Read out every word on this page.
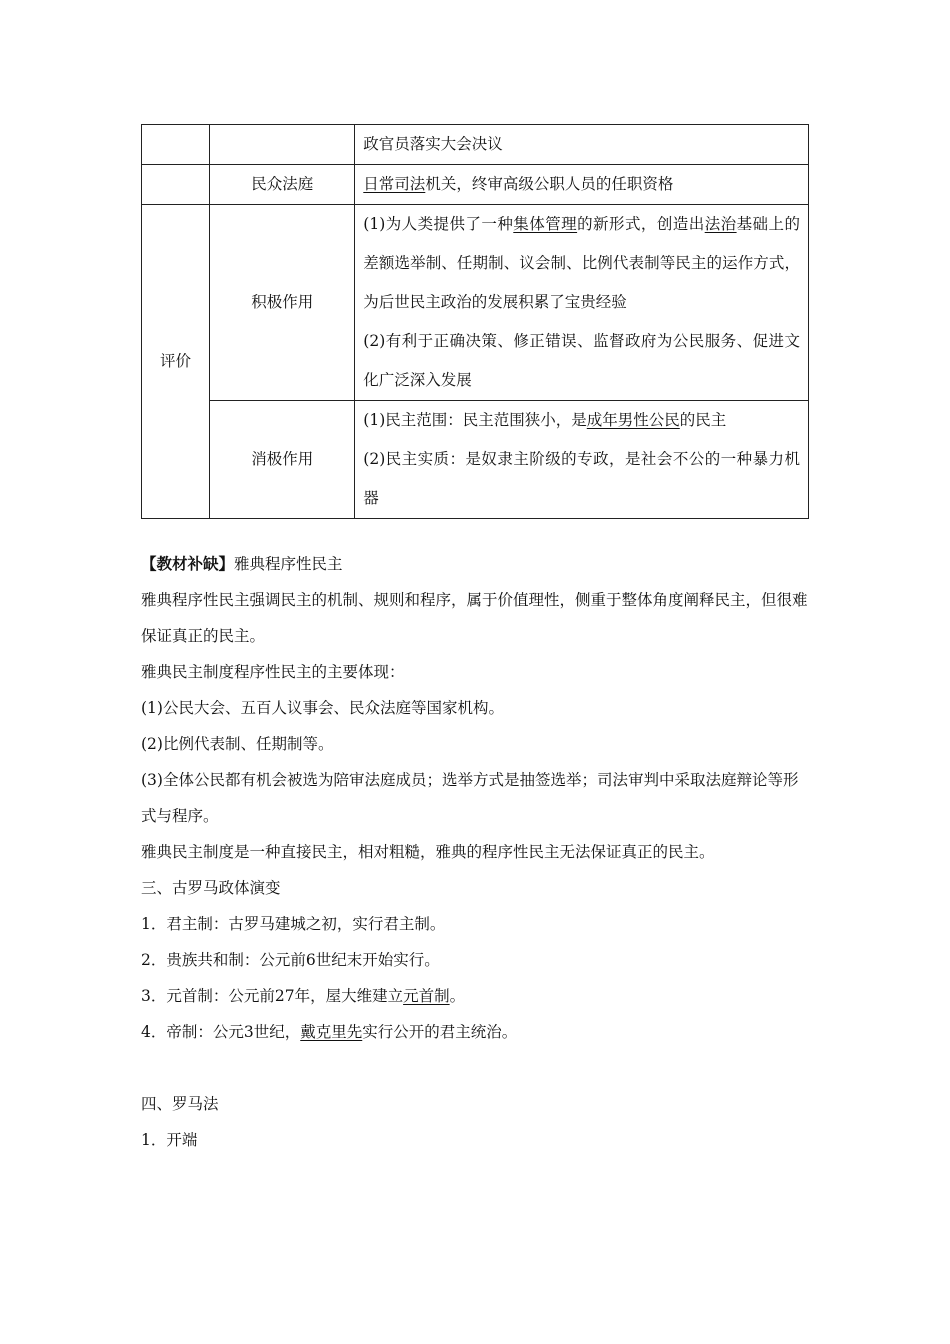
		政官员落实大会决议
	民众法庭	日常司法机关，终审高级公职人员的任职资格
评价	积极作用	(1)为人类提供了一种集体管理的新形式，创造出法治基础上的差额选举制、任期制、议会制、比例代表制等民主的运作方式，为后世民主政治的发展积累了宝贵经验

(2)有利于正确决策、修正错误、监督政府为公民服务、促进文化广泛深入发展

	消极作用	(1)民主范围：民主范围狭小，是成年男性公民的民主

(2)民主实质：是奴隶主阶级的专政，是社会不公的一种暴力机器

【教材补缺】雅典程序性民主

雅典程序性民主强调民主的机制、规则和程序，属于价值理性，侧重于整体角度阐释民主，但很难保证真正的民主。

雅典民主制度程序性民主的主要体现：

(1)公民大会、五百人议事会、民众法庭等国家机构。

(2)比例代表制、任期制等。

(3)全体公民都有机会被选为陪审法庭成员；选举方式是抽签选举；司法审判中采取法庭辩论等形式与程序。

雅典民主制度是一种直接民主，相对粗糙，雅典的程序性民主无法保证真正的民主。

三、古罗马政体演变

1．君主制：古罗马建城之初，实行君主制。

2．贵族共和制：公元前6世纪末开始实行。

3．元首制：公元前27年，屋大维建立元首制。

4．帝制：公元3世纪，戴克里先实行公开的君主统治。

四、罗马法

1．开端
